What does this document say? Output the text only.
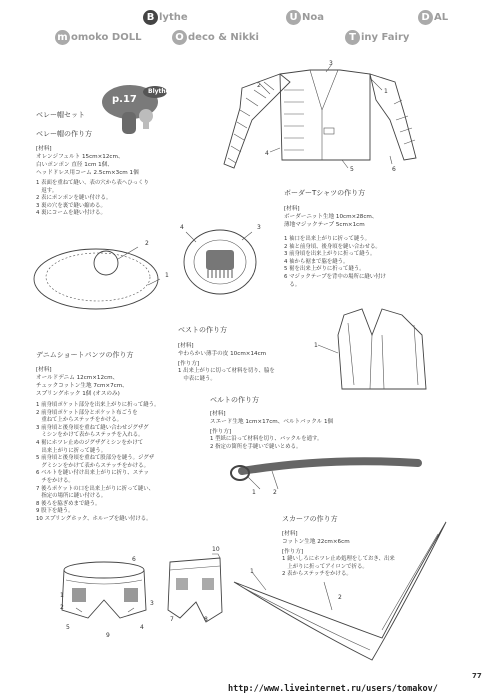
B lythe
m omoko DOLL	O deco & Nikki
U Noa
T iny Fairy
D AL
p.17
Blythe
ベレー帽セット
ベレー帽の作り方
[材料]
オレンジフェルト 15cm×12cm、
白いポンポン 直径 1cm 1個、
ヘッドドレス用コーム 2.5cm×3cm 1個
1 表面を重ねて縫い、表の穴から表へひっくり
　返す。
2 表にポンポンを縫い付ける。
3 裏の穴を裏で縫い縮める。
4 裏にコームを縫い付ける。
3
1
2
4
5	6
ボーダーTシャツの作り方
[材料]
ボーダーニット生地 10cm×28cm、
薄地マジックテープ 5cm×1cm
1 袖口を出来上がりに折って縫う。
2 袖と前身頃、後身頃を縫い合わせる。
3 前身頃を出来上がりに折って縫う。
4 袖から裾まで脇を縫う。
5 裾を出来上がりに折って縫う。
6 マジックテープを背中の場所に縫い付け
　る。
2
1
4	3
1
ベストの作り方
[材料]
やわらかい薄手の皮 10cm×14cm
[作り方]
1 出来上がりに切って材料を切り、脇を
　中表に縫う。
デニムショートパンツの作り方
[材料]
オールドデニム 12cm×12cm、
チェックコットン生地 7cm×7cm、
スプリングホック 1個 (オスのみ)
1 前身頃ポケット部分を出来上がりに折って縫う。
2 前身頃ポケット部分とポケット布ごうを
　重ねて上からステッチをかける。
3 前身頃と後身頃を重ねて縫い合わせジグザグ
　ミシンをかけて表からステッチを入れる。
4 裾にホツレ止めのジグザグミシンをかけて
　出来上がりに折って縫う。
5 前身頃と後身頃を重ねて股部分を縫う。ジグザ
　グミシンをかけて表からステッチをかける。
6 ベルトを縫い付け出来上がりに折り、ステッ
　チをかける。
7 後ろポケットの口を出来上がりに折って縫い、
　指定の場所に縫い付ける。
8 後ろを脇ぎめまで縫う。
9 股下を縫う。
10 スプリングホック、ホループを縫い付ける。
ベルトの作り方
[材料]
スエード生地 1cm×17cm、ベルトバックル 1個
[作り方]
1 型紙に沿って材料を切り、バックルを通す。
2 指定の箇所を手縫いで縫いとめる。
1	2
スカーフの作り方
[材料]
コットン生地 22cm×6cm
[作り方]
1 縫いしろにホツレ止め処理をしておき、出来
　上がりに折ってアイロンで折る。
2 表からステッチをかける。
1
2
6
1
2
3
5
9
4
10
7	8
77
http://www.liveinternet.ru/users/tomakov/
